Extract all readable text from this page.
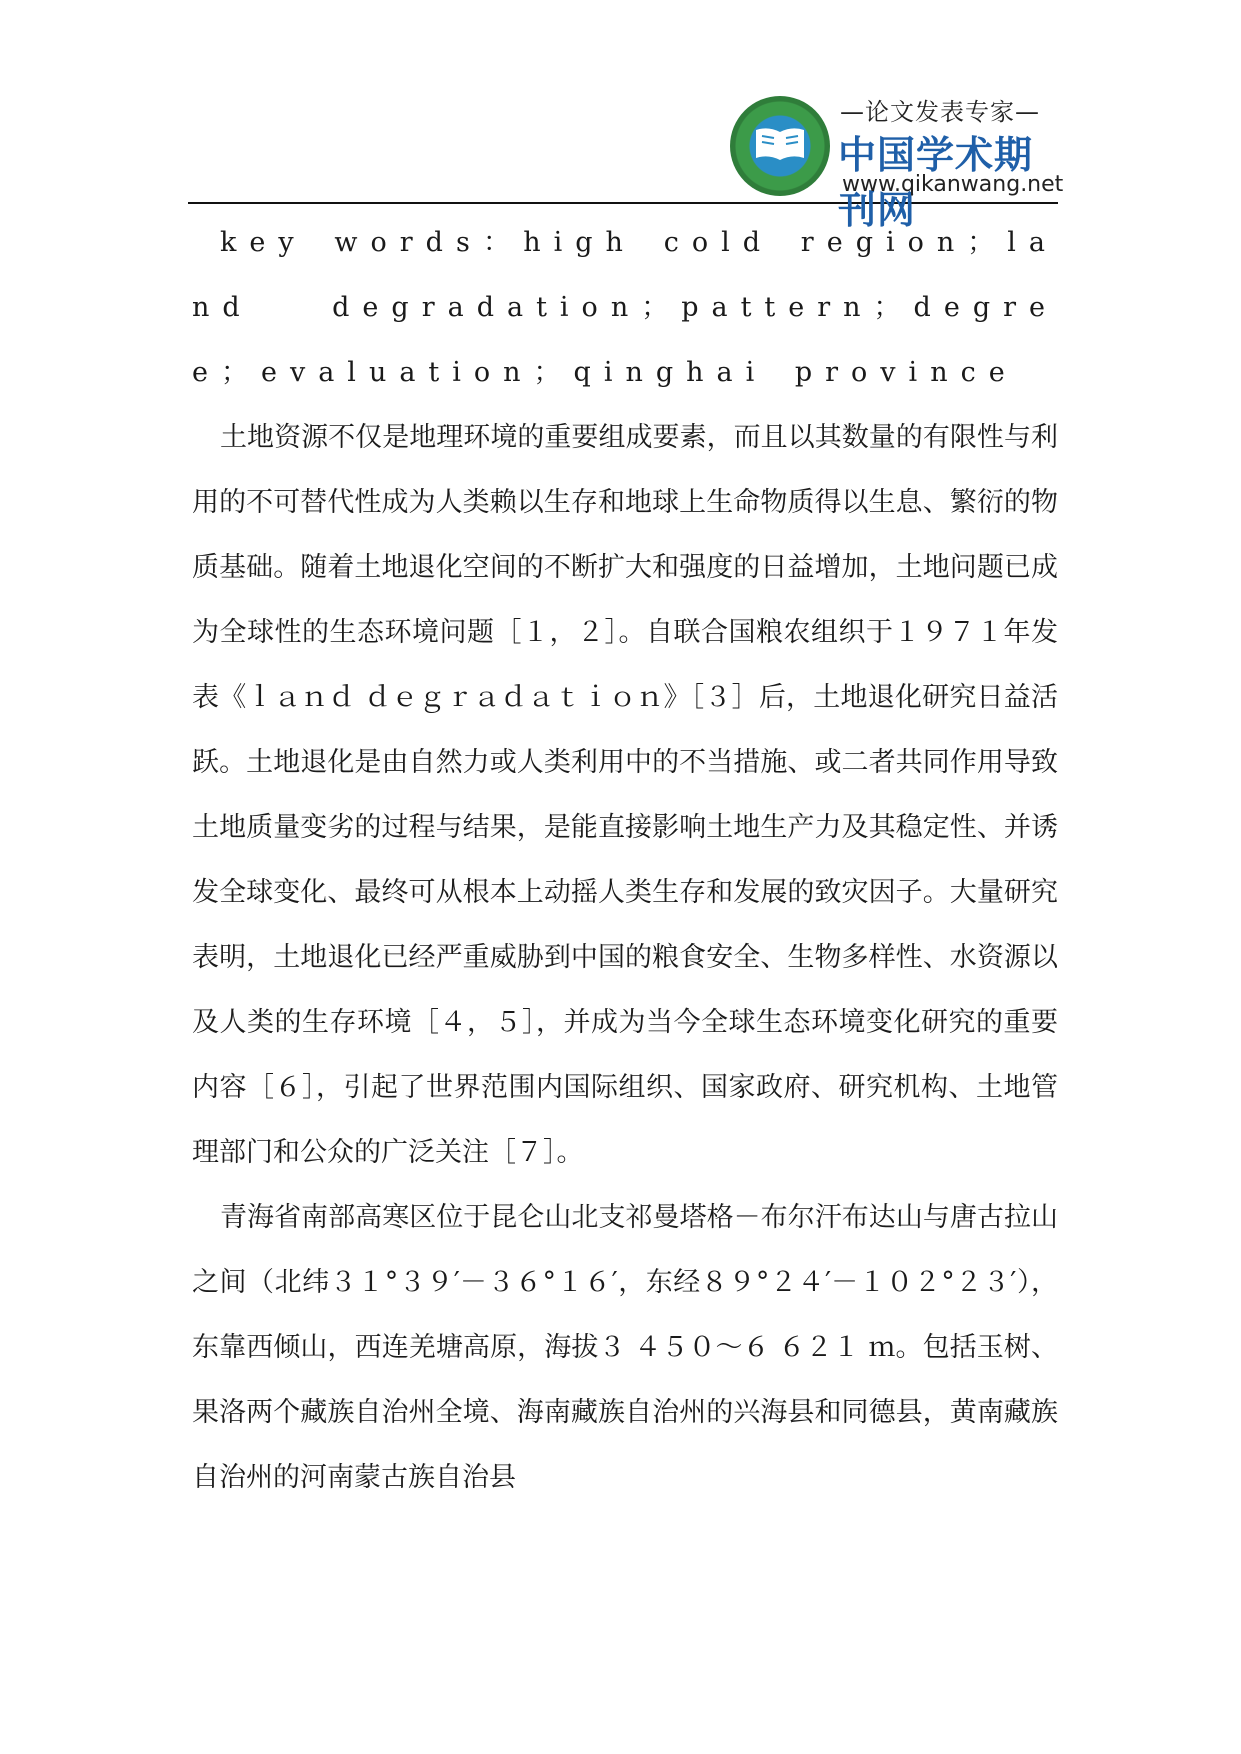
—论文发表专家—
中国学术期刊网
www.qikanwang.net

key words：high cold region；land degradation；pattern；degree；evaluation；qinghai province

土地资源不仅是地理环境的重要组成要素，而且以其数量的有限性与利用的不可替代性成为人类赖以生存和地球上生命物质得以生息、繁衍的物质基础。随着土地退化空间的不断扩大和强度的日益增加，土地问题已成为全球性的生态环境问题［１，２］。自联合国粮农组织于１９７１年发表《ｌａｎｄ ｄｅｇｒａｄａｔｉｏｎ》［３］后，土地退化研究日益活跃。土地退化是由自然力或人类利用中的不当措施、或二者共同作用导致土地质量变劣的过程与结果，是能直接影响土地生产力及其稳定性、并诱发全球变化、最终可从根本上动摇人类生存和发展的致灾因子。大量研究表明，土地退化已经严重威胁到中国的粮食安全、生物多样性、水资源以及人类的生存环境［４，５］，并成为当今全球生态环境变化研究的重要内容［６］，引起了世界范围内国际组织、国家政府、研究机构、土地管理部门和公众的广泛关注［７］。

青海省南部高寒区位于昆仑山北支祁曼塔格－布尔汗布达山与唐古拉山之间（北纬３１°３９′－３６°１６′，东经８９°２４′－１０２°２３′），东靠西倾山，西连羌塘高原，海拔３ ４５０～６ ６２１ ｍ。包括玉树、果洛两个藏族自治州全境、海南藏族自治州的兴海县和同德县，黄南藏族自治州的河南蒙古族自治县
